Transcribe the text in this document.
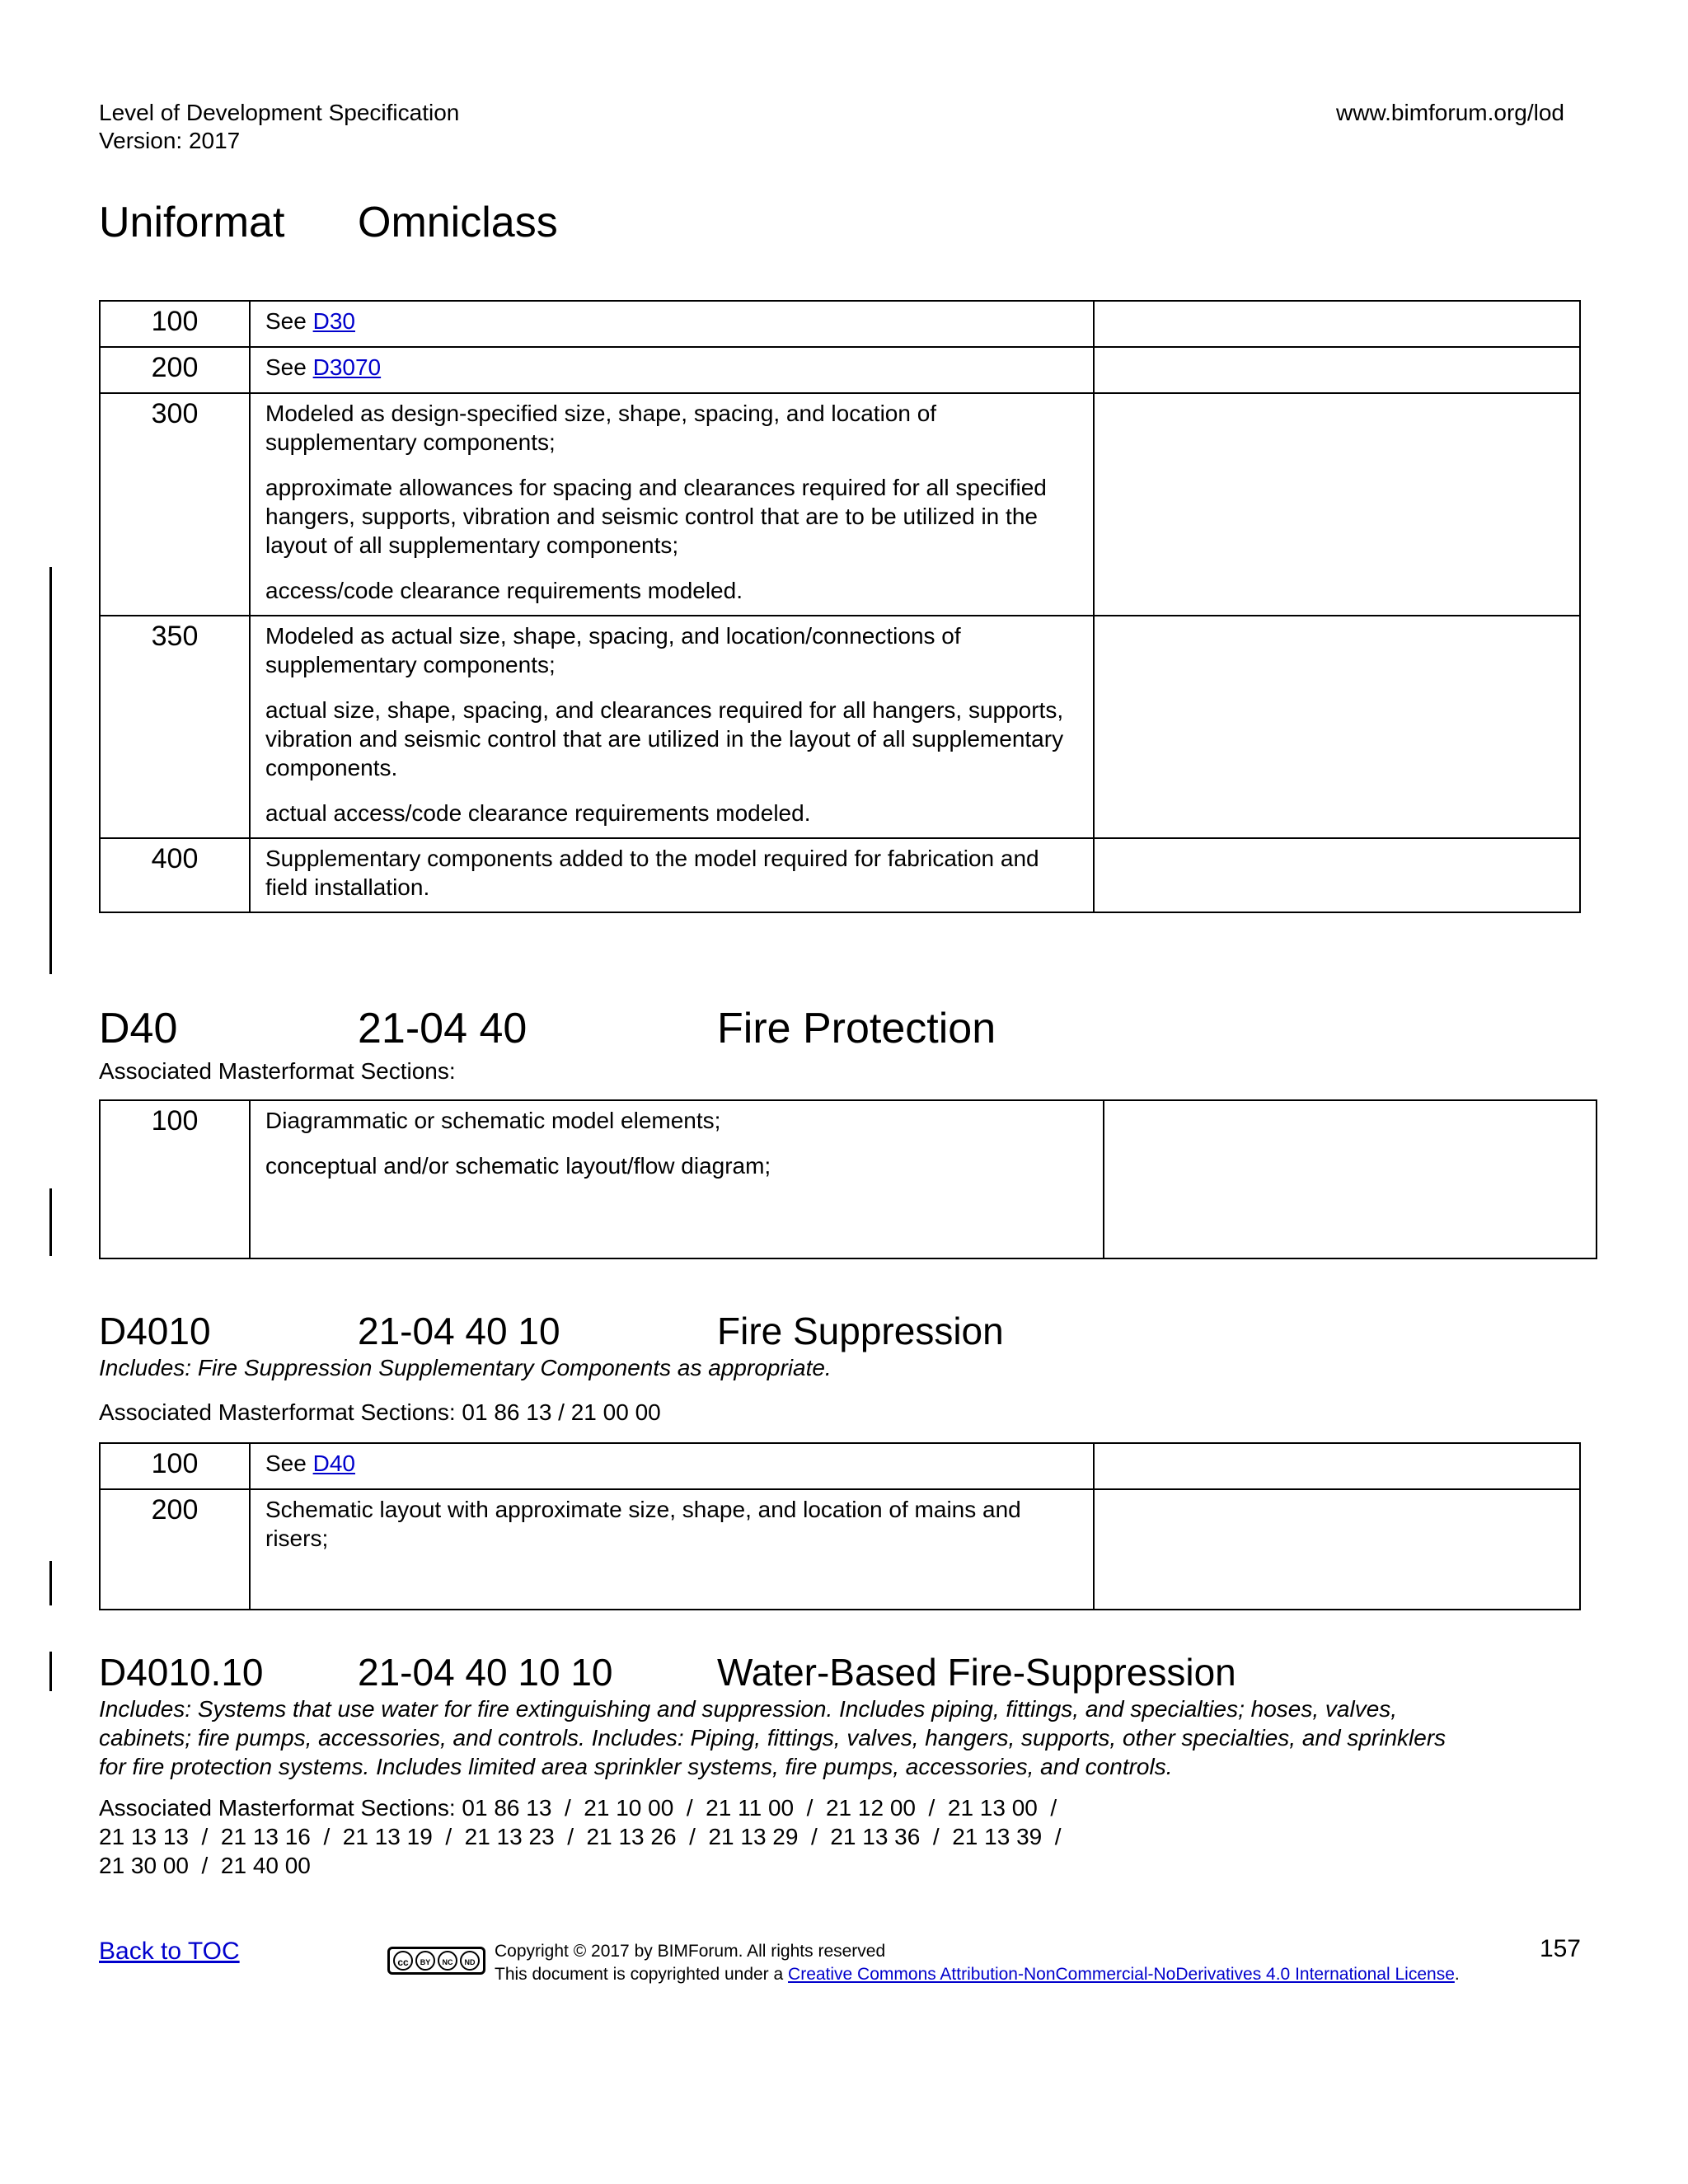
Level of Development Specification
Version: 2017
www.bimforum.org/lod
Uniformat Omniclass
100	See D30	
200	See D3070	
300	Modeled as design-specified size, shape, spacing, and location of supplementary components;

approximate allowances for spacing and clearances required for all specified hangers, supports, vibration and seismic control that are to be utilized in the layout of all supplementary components;

access/code clearance requirements modeled.	

350	Modeled as actual size, shape, spacing, and location/connections of supplementary components;

actual size, shape, spacing, and clearances required for all hangers, supports, vibration and seismic control that are utilized in the layout of all supplementary components.

actual access/code clearance requirements modeled.	

400	Supplementary components added to the model required for fabrication and field installation.	

D40	21-04 40	Fire Protection
Associated Masterformat Sections:
100	Diagrammatic or schematic model elements;

conceptual and/or schematic layout/flow diagram;

D4010	21-04 40 10	Fire Suppression
Includes: Fire Suppression Supplementary Components as appropriate.
Associated Masterformat Sections: 01 86 13 / 21 00 00
100	See D40	
200	Schematic layout with approximate size, shape, and location of mains and risers;	

D4010.10 21-04 40 10 10	Water-Based Fire-Suppression
Includes: Systems that use water for fire extinguishing and suppression. Includes piping, fittings, and specialties; hoses, valves,
cabinets; fire pumps, accessories, and controls. Includes: Piping, fittings, valves, hangers, supports, other specialties, and sprinklers
for fire protection systems. Includes limited area sprinkler systems, fire pumps, accessories, and controls.
Associated Masterformat Sections: 01 86 13  /  21 10 00  /  21 11 00  /  21 12 00  /  21 13 00  /
21 13 13  /  21 13 16  /  21 13 19  /  21 13 23  /  21 13 26  /  21 13 29  /  21 13 36  /  21 13 39  /
21 30 00  /  21 40 00
Back to TOC	cc	BY	NC	ND
Copyright © 2017 by BIMForum. All rights reserved
This document is copyrighted under a Creative Commons Attribution-NonCommercial-NoDerivatives 4.0 International License.
157
